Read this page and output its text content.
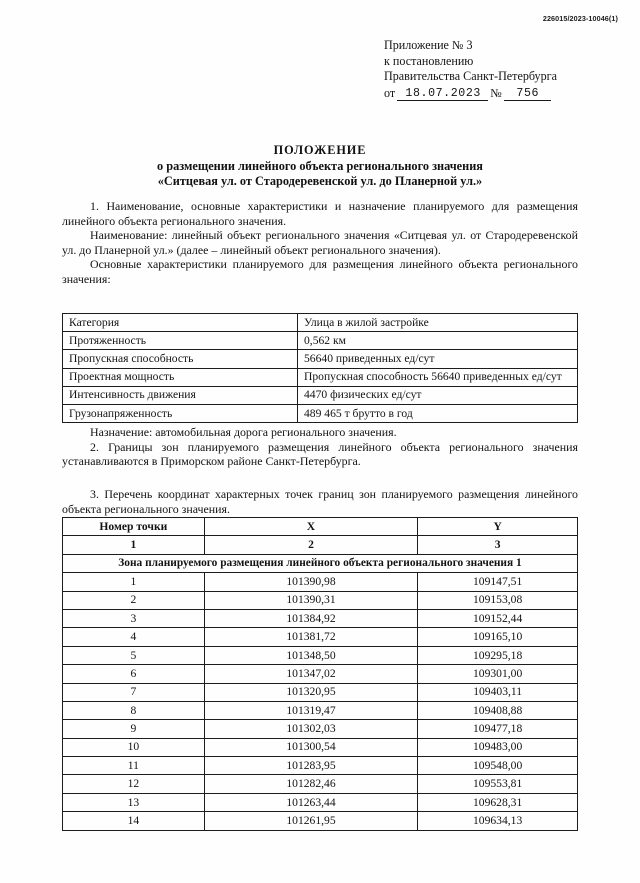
226015/2023-10046(1)
Приложение № 3
к постановлению
Правительства Санкт-Петербурга
от 18.07.2023 №	756
ПОЛОЖЕНИЕ
о размещении линейного объекта регионального значения
«Ситцевая ул. от Стародеревенской ул. до Планерной ул.»

1. Наименование, основные характеристики и назначение планируемого для размещения линейного объекта регионального значения.

Наименование: линейный объект регионального значения «Ситцевая ул. от Стародеревенской ул. до Планерной ул.» (далее – линейный объект регионального значения).

Основные характеристики планируемого для размещения линейного объекта регионального значения:

Категория	Улица в жилой застройке
Протяженность	0,562 км
Пропускная способность	56640 приведенных ед/сут
Проектная мощность	Пропускная способность 56640 приведенных ед/сут
Интенсивность движения	4470 физических ед/сут
Грузонапряженность	489 465 т брутто в год

Назначение: автомобильная дорога регионального значения.

2. Границы зон планируемого размещения линейного объекта регионального значения устанавливаются в Приморском районе Санкт-Петербурга.

3. Перечень координат характерных точек границ зон планируемого размещения линейного объекта регионального значения.

Номер точки	X	Y
1	2	3
Зона планируемого размещения линейного объекта регионального значения 1		
1	101390,98	109147,51
2	101390,31	109153,08
3	101384,92	109152,44
4	101381,72	109165,10
5	101348,50	109295,18
6	101347,02	109301,00
7	101320,95	109403,11
8	101319,47	109408,88
9	101302,03	109477,18
10	101300,54	109483,00
11	101283,95	109548,00
12	101282,46	109553,81
13	101263,44	109628,31
14	101261,95	109634,13
